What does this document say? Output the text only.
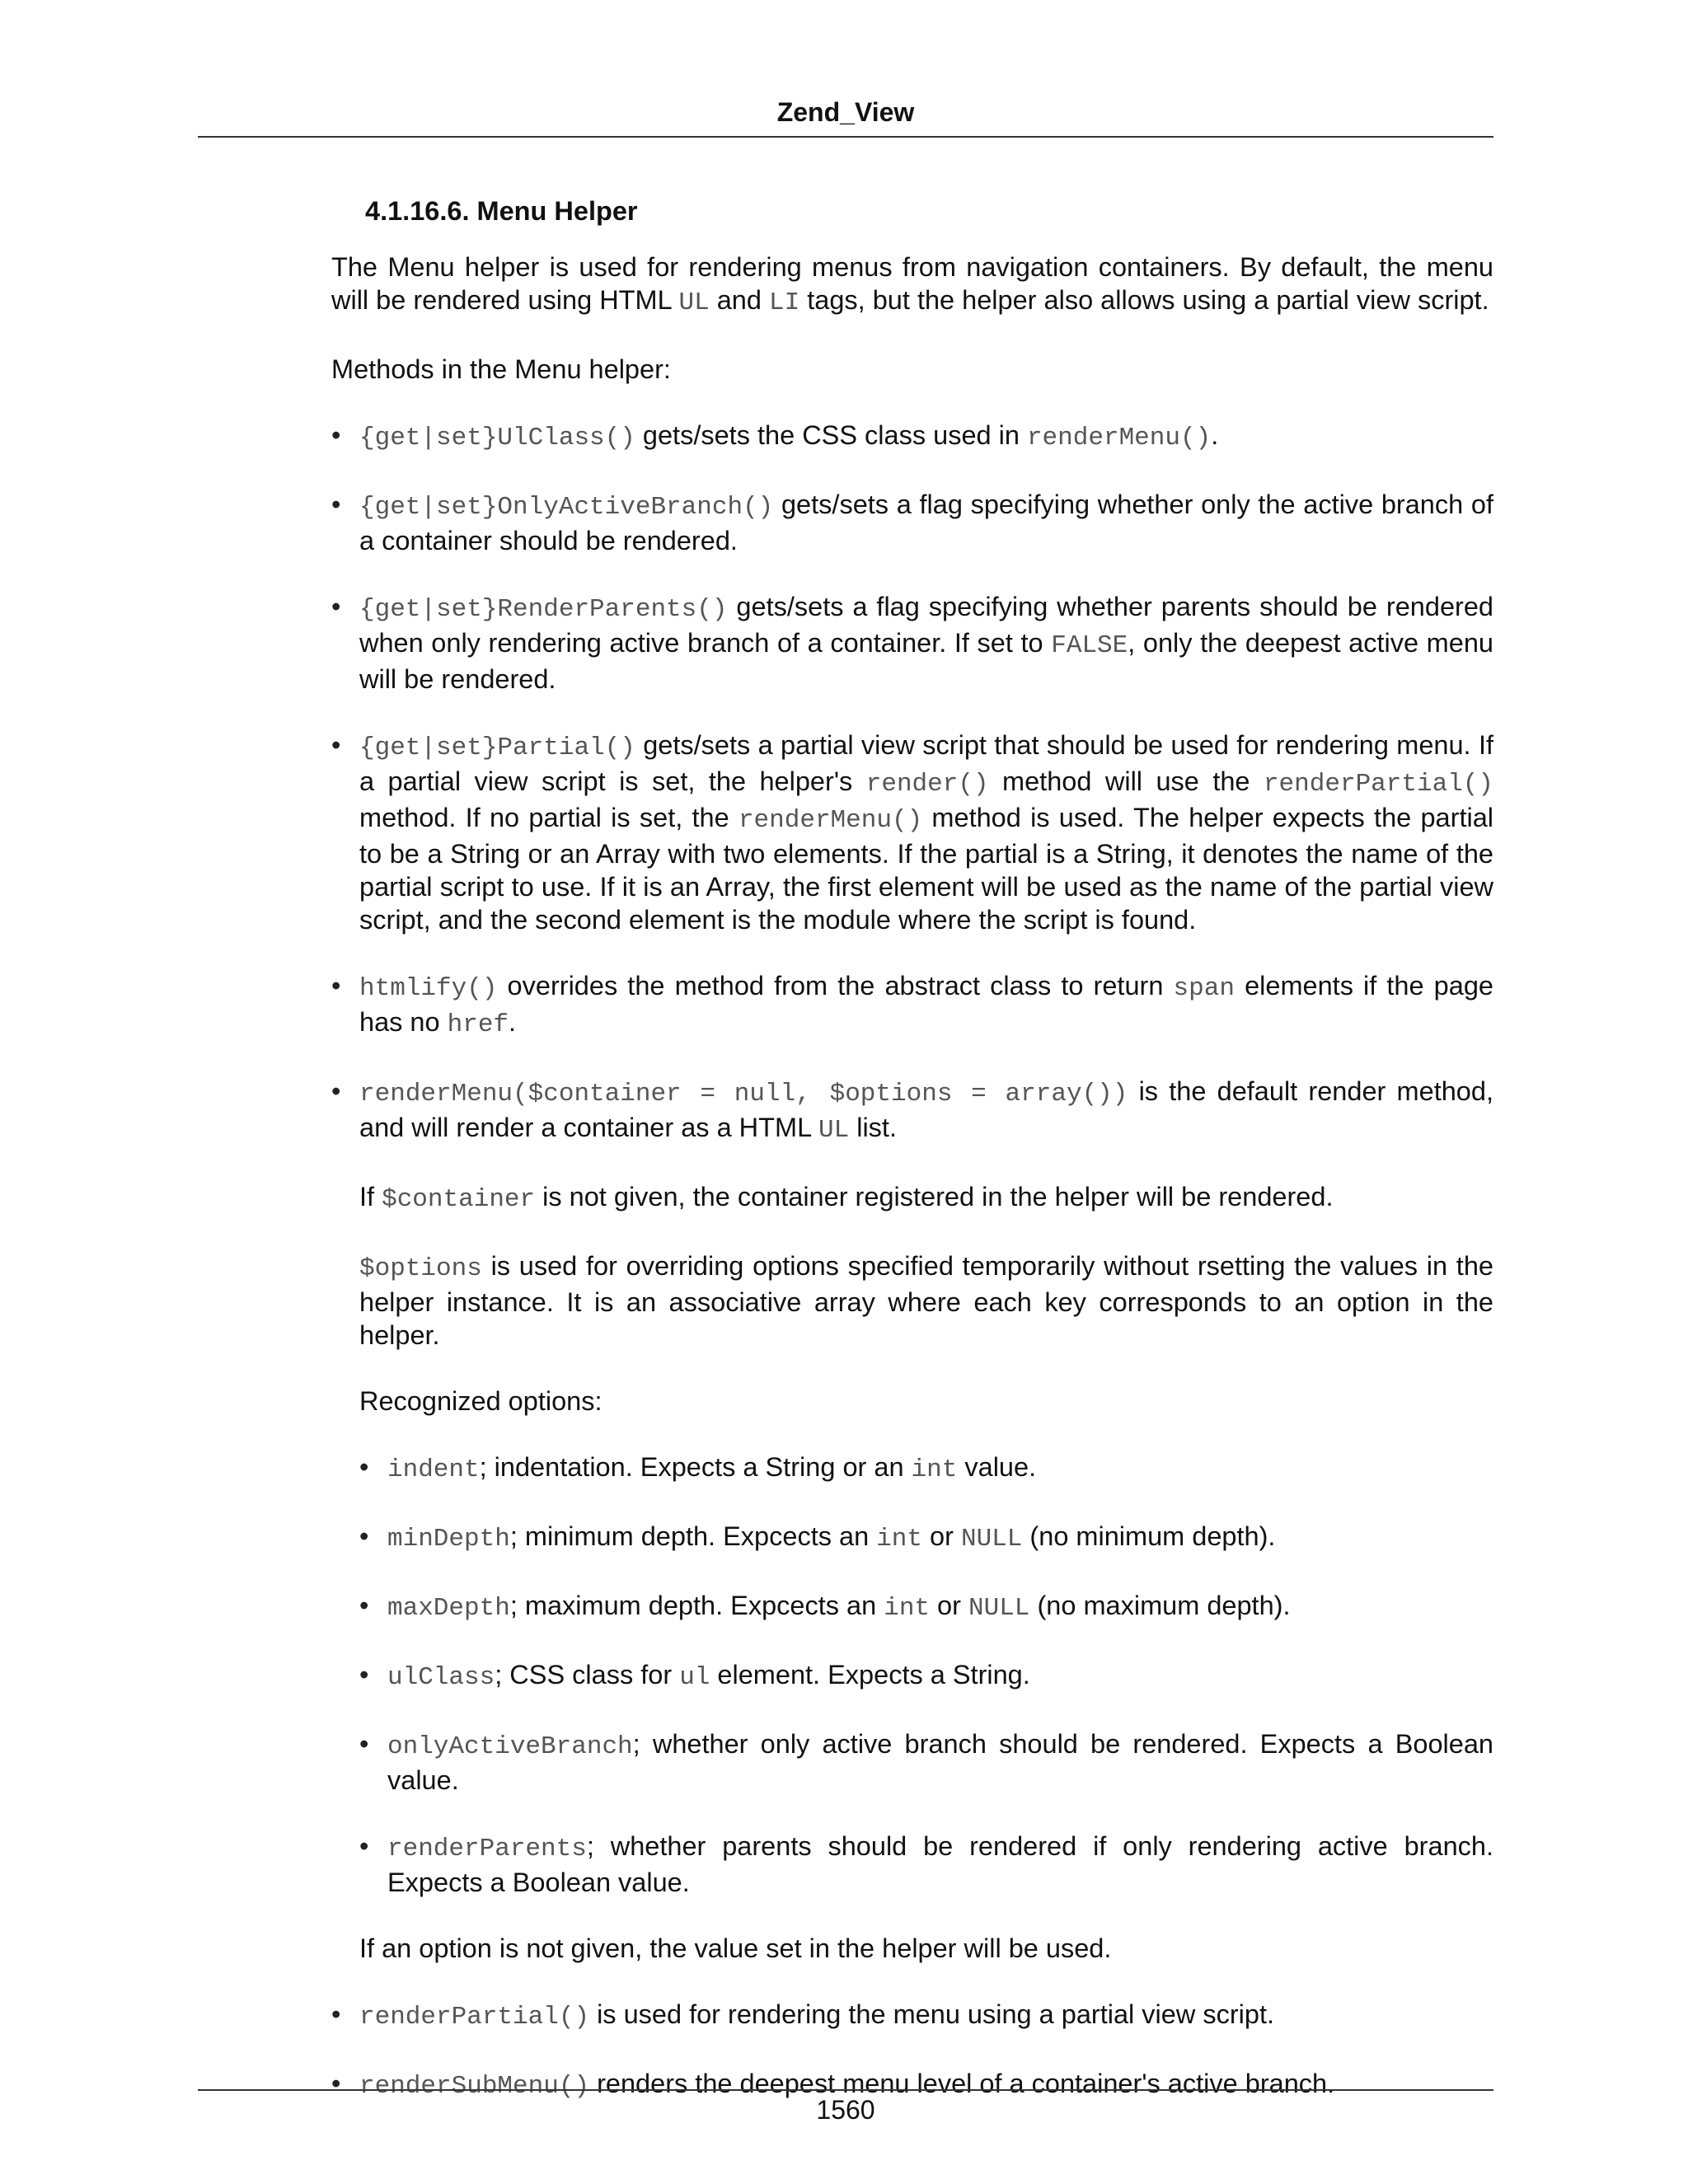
Zend_View
4.1.16.6. Menu Helper

The Menu helper is used for rendering menus from navigation containers. By default, the menu will be rendered using HTML UL and LI tags, but the helper also allows using a partial view script.

Methods in the Menu helper:

• {get|set}UlClass() gets/sets the CSS class used in renderMenu().
• {get|set}OnlyActiveBranch() gets/sets a flag specifying whether only the active branch of a container should be rendered.
• {get|set}RenderParents() gets/sets a flag specifying whether parents should be rendered when only rendering active branch of a container. If set to FALSE, only the deepest active menu will be rendered.
• {get|set}Partial() gets/sets a partial view script that should be used for rendering menu. If a partial view script is set, the helper's render() method will use the renderPartial() method. If no partial is set, the renderMenu() method is used. The helper expects the partial to be a String or an Array with two elements. If the partial is a String, it denotes the name of the partial script to use. If it is an Array, the first element will be used as the name of the partial view script, and the second element is the module where the script is found.
• htmlify() overrides the method from the abstract class to return span elements if the page has no href.
• renderMenu($container = null, $options = array()) is the default render method, and will render a container as a HTML UL list.

If $container is not given, the container registered in the helper will be rendered.

$options is used for overriding options specified temporarily without rsetting the values in the helper instance. It is an associative array where each key corresponds to an option in the helper.

Recognized options:

• indent; indentation. Expects a String or an int value.
• minDepth; minimum depth. Expcects an int or NULL (no minimum depth).
• maxDepth; maximum depth. Expcects an int or NULL (no maximum depth).
• ulClass; CSS class for ul element. Expects a String.
• onlyActiveBranch; whether only active branch should be rendered. Expects a Boolean value.
• renderParents; whether parents should be rendered if only rendering active branch. Expects a Boolean value.

If an option is not given, the value set in the helper will be used.

• renderPartial() is used for rendering the menu using a partial view script.
• renderSubMenu() renders the deepest menu level of a container's active branch.
1560
